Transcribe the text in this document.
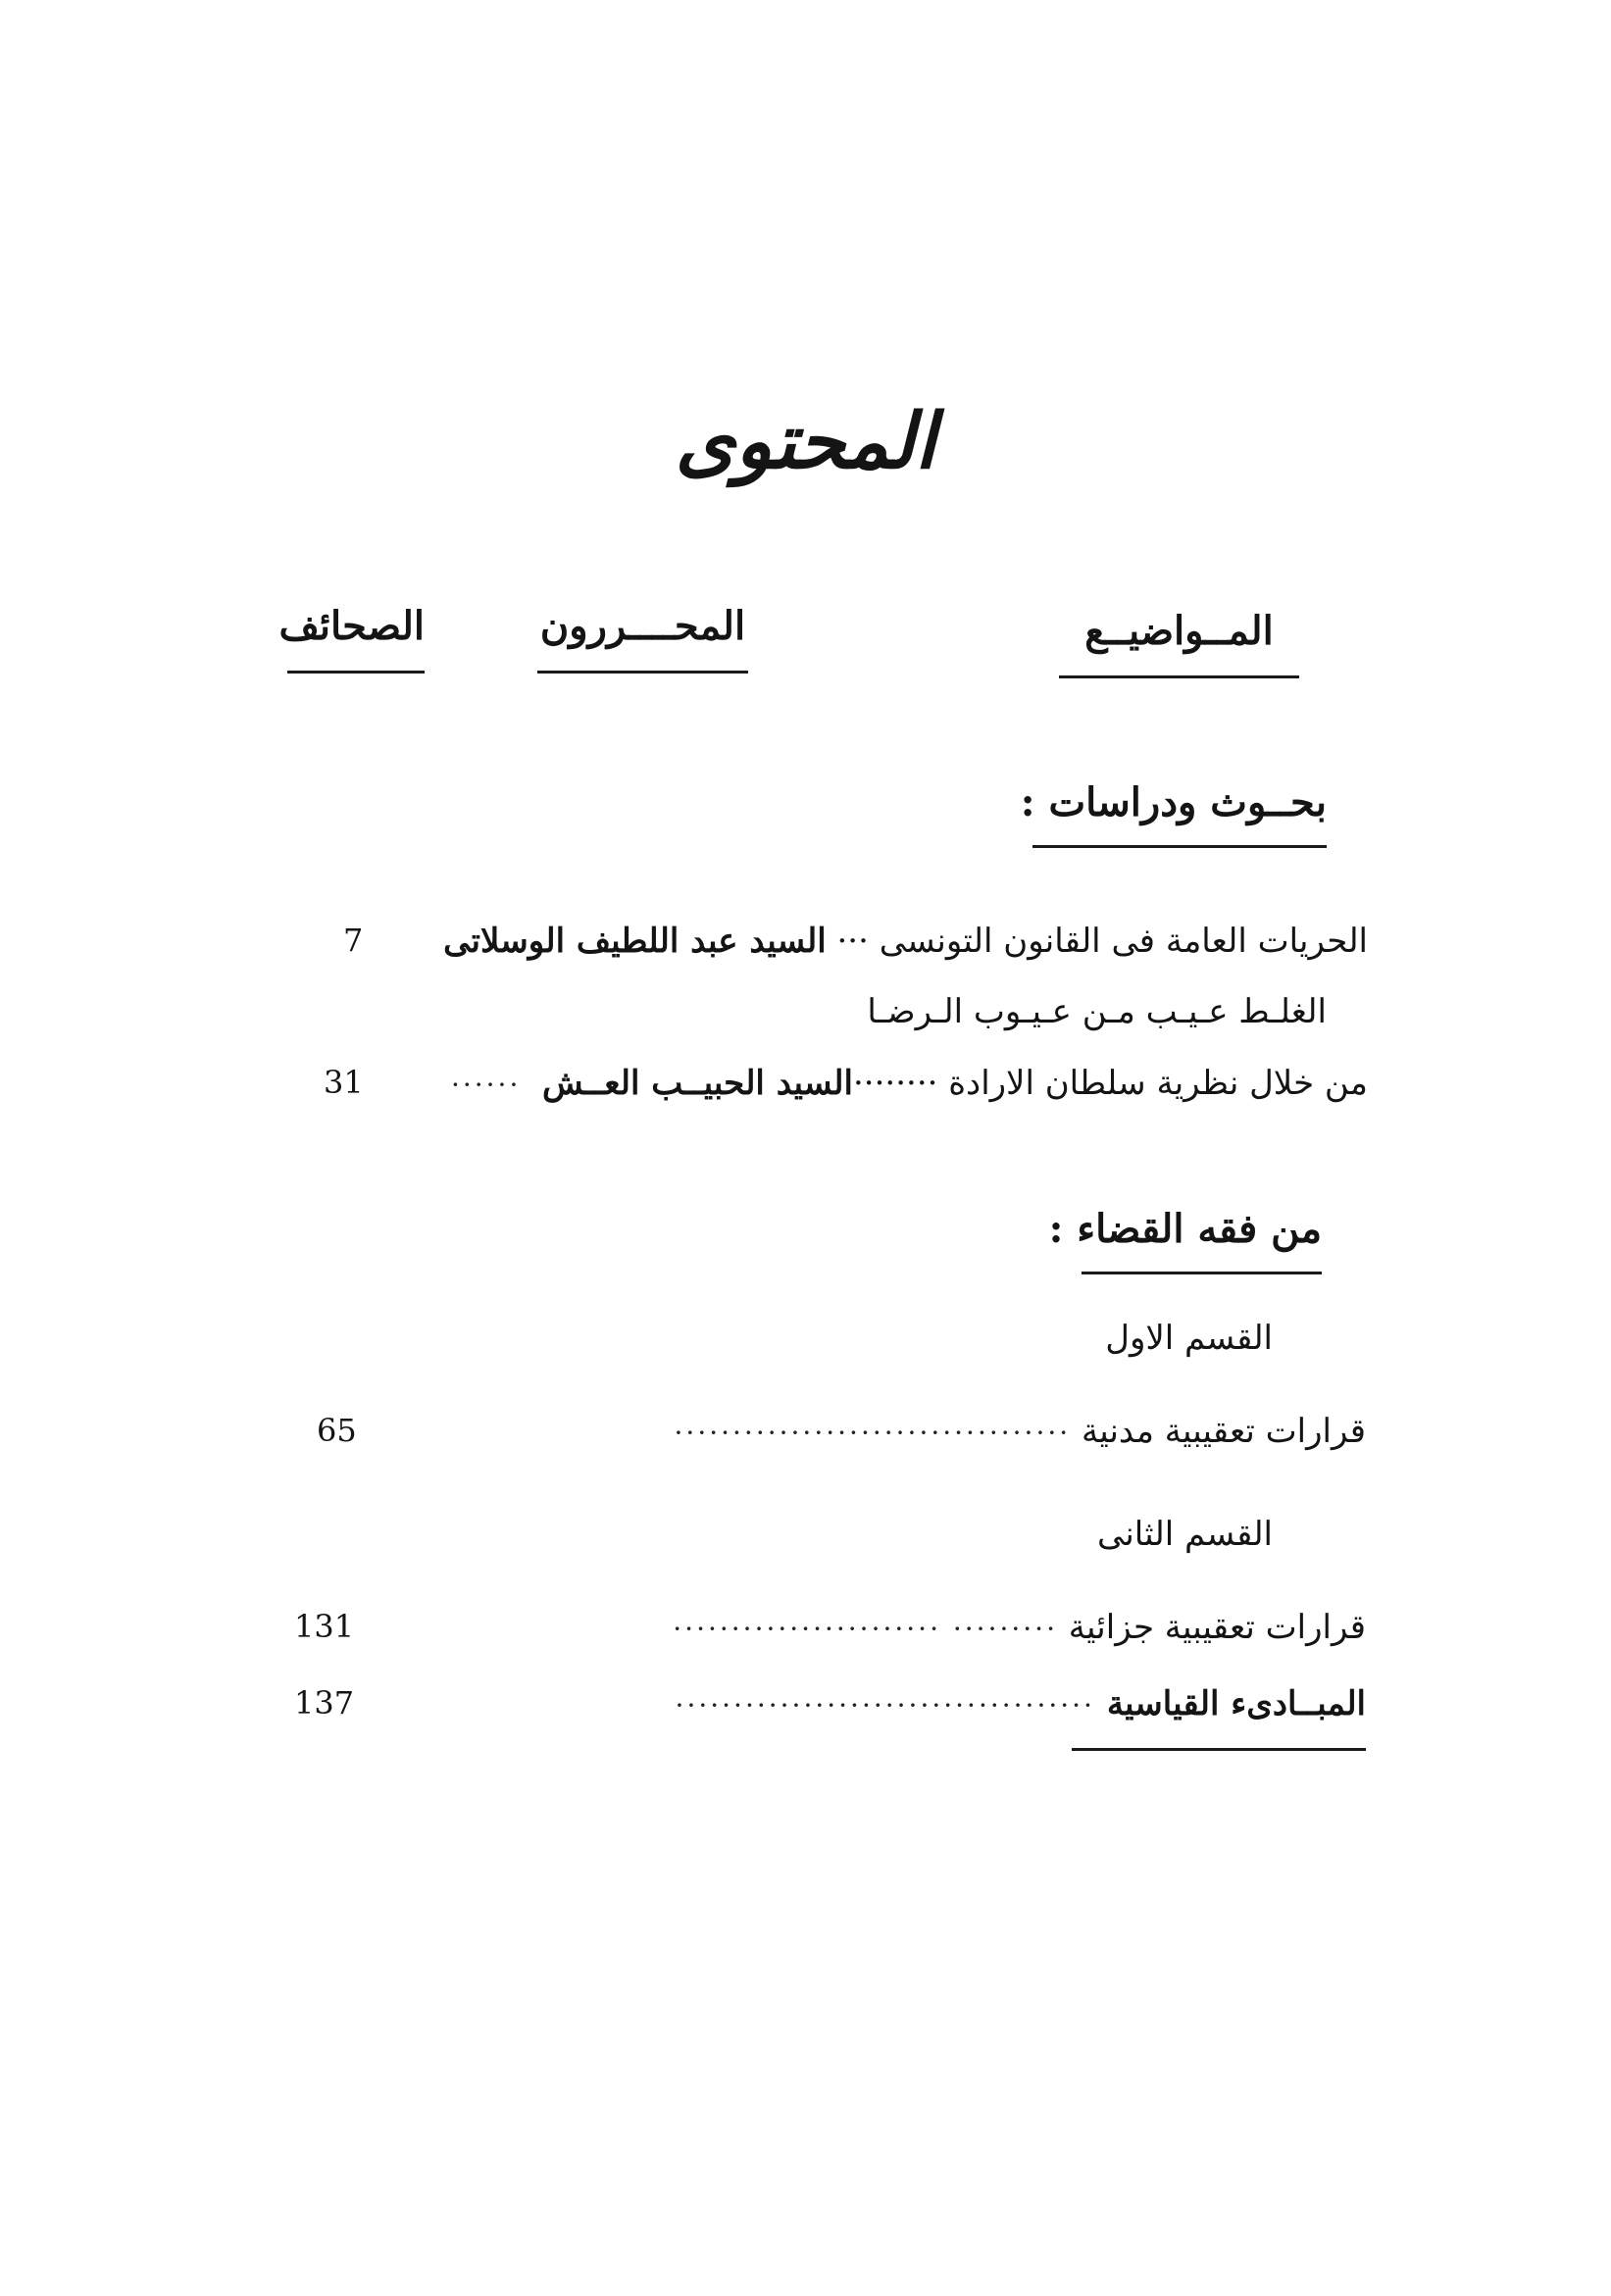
المحتوى
المــواضيــع
المحــــررون
الصحائف
بحــوث ودراسات :
الحريات العامة فى القانون التونسى ···

السيد عبد اللطيف الوسلاتى
7
الغلـط عـيـب مـن عـيـوب الـرضـا
من خلال نظرية سلطان الارادة ········
السيد الحبيــب العــش

······
31
من فقه القضاء :
القسم الاول
قرارات تعقيبية مدنية

··································
65
القسم الثانى
قرارات تعقيبية جزائية

········· ·······················
131
المبــادىء القياسية

····································
137
